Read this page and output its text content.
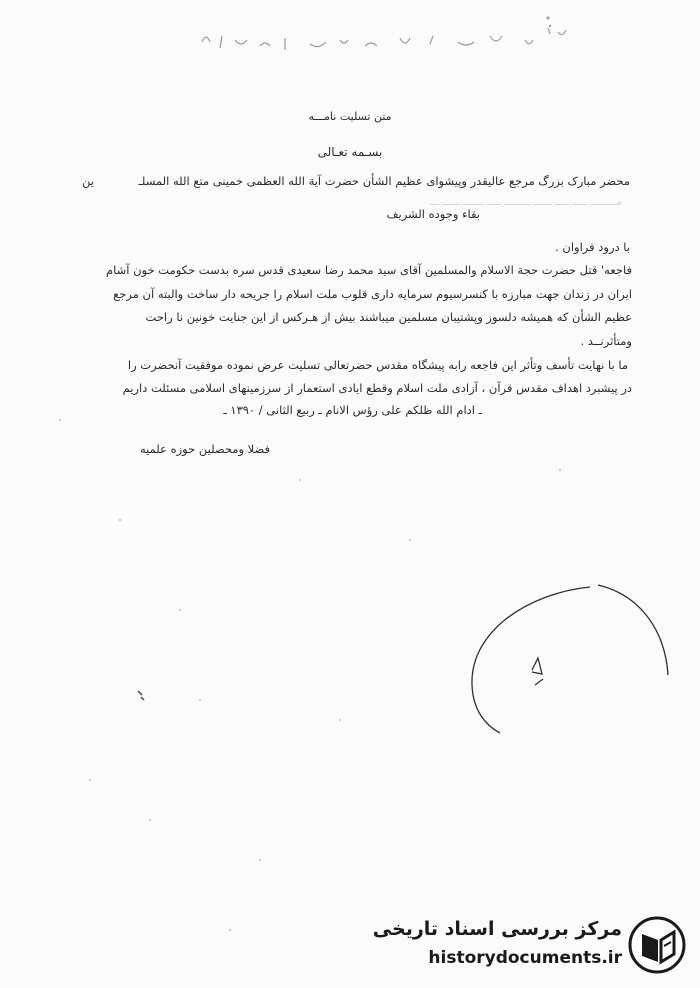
متن تسلیت نامـــه
بسـمه تعـالی
محضر مبارک بزرگ مرجع عالیقدر وپیشوای عظیم الشأن حضرت آیة الله العظمی خمینی متع الله المسلـ
ین
مـــــــــ ـــــ ـــــ ــــــ ـــــــــ ـــــ ـــــــ ــــــ ـــ
بقاء وجوده الشریف
با درود فراوان .
فاجعه' قتل حضرت حجة الاسلام والمسلمین آقای سید محمد رضا سعیدی قدس سره بدست حکومت خون آشام
ایران در زندان جهت مبارزه با کنسرسیوم سرمایه داری قلوب ملت اسلام را جریحه دار ساخت والبته آن مرجع
عظیم الشأن که همیشه دلسوز وپشتیبان مسلمین میباشند بیش از هـرکس از این جنایت خونین نا راحت
ومتأثرنــد .
ما با نهایت تأسف وتأثر این فاجعه رابه پیشگاه مقدس حضرتعالی تسلیت عرض نموده موفقیت آنحضرت را
در پیشبرد اهداف مقدس قرآن ، آزادی ملت اسلام وقطع ایادی استعمار از سرزمینهای اسلامی مسئلت داریم
ـ ادام الله ظلکم علی رؤس الانام ـ ربیع الثانی / ۱۳۹۰ ـ
فضلا ومحصلین حوزه علمیه
مرکز بررسی اسناد تاریخی
historydocuments.ir
